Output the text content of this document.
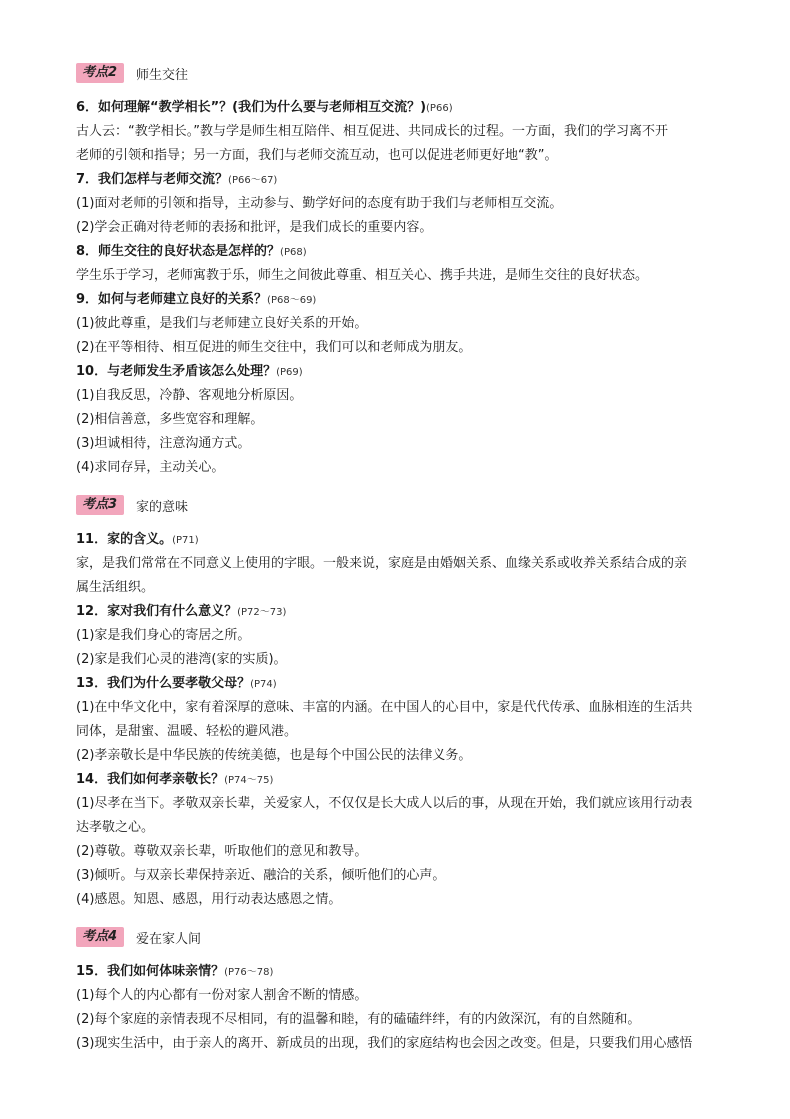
考点2	师生交往
6．如何理解“教学相长”？(我们为什么要与老师相互交流？)(P66)
古人云：“教学相长。”教与学是师生相互陪伴、相互促进、共同成长的过程。一方面，我们的学习离不开
老师的引领和指导；另一方面，我们与老师交流互动，也可以促进老师更好地“教”。
7．我们怎样与老师交流？(P66～67)
(1)面对老师的引领和指导，主动参与、勤学好问的态度有助于我们与老师相互交流。
(2)学会正确对待老师的表扬和批评，是我们成长的重要内容。
8．师生交往的良好状态是怎样的？(P68)
学生乐于学习，老师寓教于乐，师生之间彼此尊重、相互关心、携手共进，是师生交往的良好状态。
9．如何与老师建立良好的关系？(P68～69)
(1)彼此尊重，是我们与老师建立良好关系的开始。
(2)在平等相待、相互促进的师生交往中，我们可以和老师成为朋友。
10．与老师发生矛盾该怎么处理？(P69)
(1)自我反思，冷静、客观地分析原因。
(2)相信善意，多些宽容和理解。
(3)坦诚相待，注意沟通方式。
(4)求同存异，主动关心。
考点3	家的意味
11．家的含义。(P71)
家，是我们常常在不同意义上使用的字眼。一般来说，家庭是由婚姻关系、血缘关系或收养关系结合成的亲
属生活组织。
12．家对我们有什么意义？(P72～73)
(1)家是我们身心的寄居之所。
(2)家是我们心灵的港湾(家的实质)。
13．我们为什么要孝敬父母？(P74)
(1)在中华文化中，家有着深厚的意味、丰富的内涵。在中国人的心目中，家是代代传承、血脉相连的生活共
同体，是甜蜜、温暖、轻松的避风港。
(2)孝亲敬长是中华民族的传统美德，也是每个中国公民的法律义务。
14．我们如何孝亲敬长？(P74～75)
(1)尽孝在当下。孝敬双亲长辈，关爱家人，不仅仅是长大成人以后的事，从现在开始，我们就应该用行动表
达孝敬之心。
(2)尊敬。尊敬双亲长辈，听取他们的意见和教导。
(3)倾听。与双亲长辈保持亲近、融洽的关系，倾听他们的心声。
(4)感恩。知恩、感恩，用行动表达感恩之情。
考点4	爱在家人间
15．我们如何体味亲情？(P76～78)
(1)每个人的内心都有一份对家人割舍不断的情感。
(2)每个家庭的亲情表现不尽相同，有的温馨和睦，有的磕磕绊绊，有的内敛深沉，有的自然随和。
(3)现实生活中，由于亲人的离开、新成员的出现，我们的家庭结构也会因之改变。但是，只要我们用心感悟
